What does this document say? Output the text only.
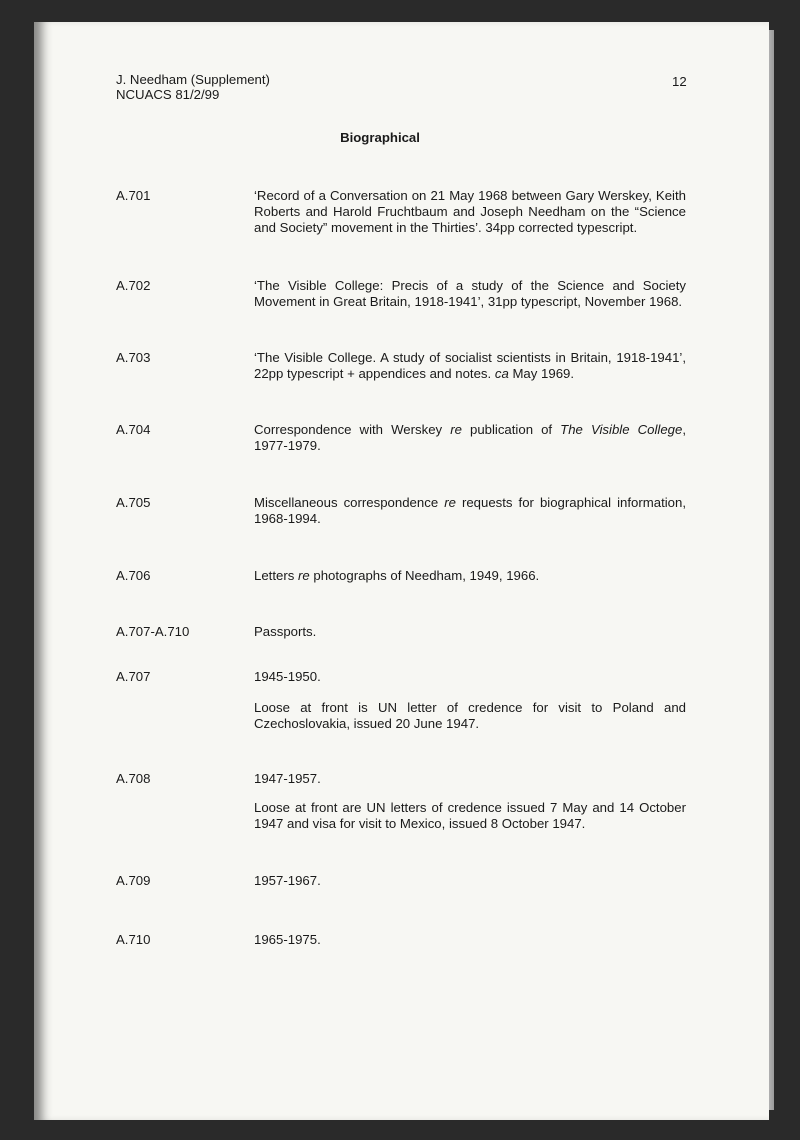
J. Needham (Supplement)

NCUACS 81/2/99

12

Biographical

A.701	‘Record of a Conversation on 21 May 1968 between Gary Werskey, Keith Roberts and Harold Fruchtbaum and Joseph Needham on the “Science and Society” movement in the Thirties’. 34pp corrected typescript.

A.702	‘The Visible College: Precis of a study of the Science and Society Movement in Great Britain, 1918-1941’, 31pp typescript, November 1968.

A.703	‘The Visible College. A study of socialist scientists in Britain, 1918-1941’, 22pp typescript + appendices and notes. ca May 1969.

A.704	Correspondence with Werskey re publication of The Visible College, 1977-1979.

A.705	Miscellaneous correspondence re requests for biographical information, 1968-1994.

A.706	Letters re photographs of Needham, 1949, 1966.

A.707-A.710	Passports.

A.707	1945-1950.

Loose at front is UN letter of credence for visit to Poland and Czechoslovakia, issued 20 June 1947.

A.708	1947-1957.

Loose at front are UN letters of credence issued 7 May and 14 October 1947 and visa for visit to Mexico, issued 8 October 1947.

A.709	1957-1967.

A.710	1965-1975.
